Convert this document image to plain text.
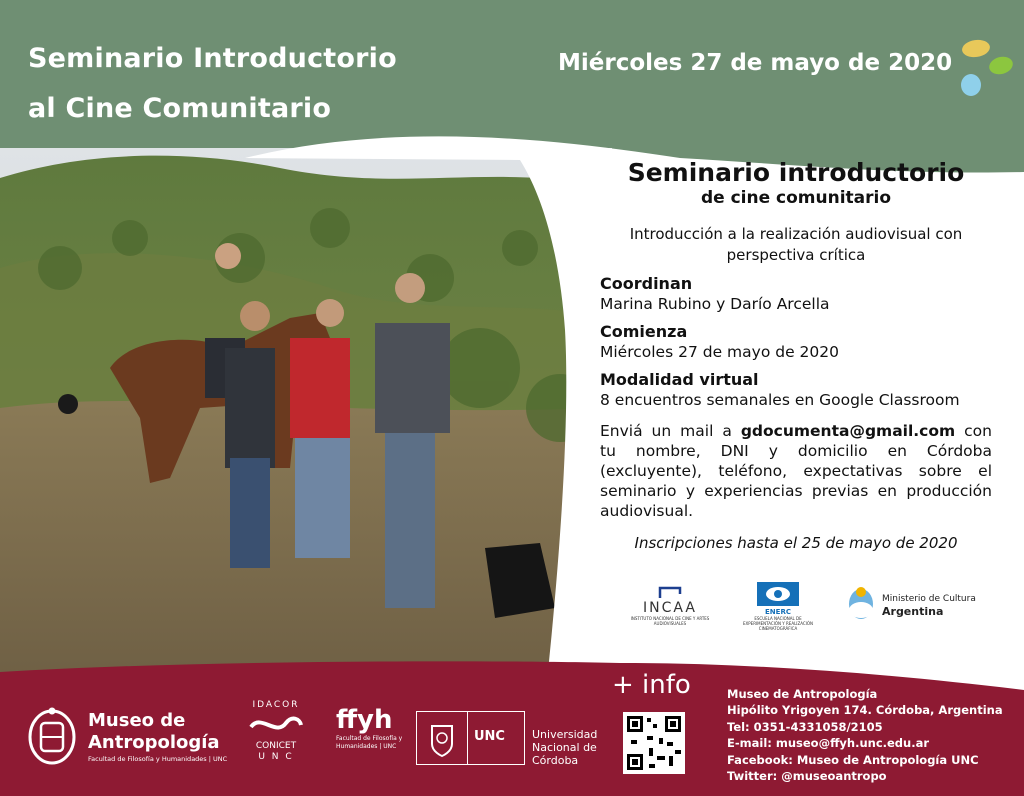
Seminario Introductorio
al Cine Comunitario
Miércoles 27 de mayo de 2020
Seminario introductorio
de cine comunitario
Introducción a la realización audiovisual con perspectiva crítica
Coordinan
Marina Rubino y Darío Arcella
Comienza
Miércoles 27 de mayo de 2020
Modalidad virtual
8 encuentros semanales en Google Classroom
Enviá un mail a gdocumenta@gmail.com con tu nombre, DNI y domicilio en Córdoba (excluyente), teléfono, expectativas sobre el seminario y experiencias previas en producción audiovisual.
Inscripciones hasta el 25 de mayo de 2020
INCAA
INSTITUTO NACIONAL DE CINE Y ARTES AUDIOVISUALES
ENERC
ESCUELA NACIONAL DE EXPERIMENTACIÓN Y REALIZACIÓN CINEMATOGRÁFICA
Ministerio de Cultura
Argentina
Museo de
Antropología
Facultad de Filosofía y Humanidades | UNC
IDACOR
CONICET
U N C
ffyh
Facultad de Filosofía y Humanidades | UNC
UNC Universidad Nacional de Córdoba
+ info	Museo de Antropología
Hipólito Yrigoyen 174. Córdoba, Argentina
Tel: 0351-4331058/2105
E-mail: museo@ffyh.unc.edu.ar
Facebook: Museo de Antropología UNC
Twitter: @museoantropo
